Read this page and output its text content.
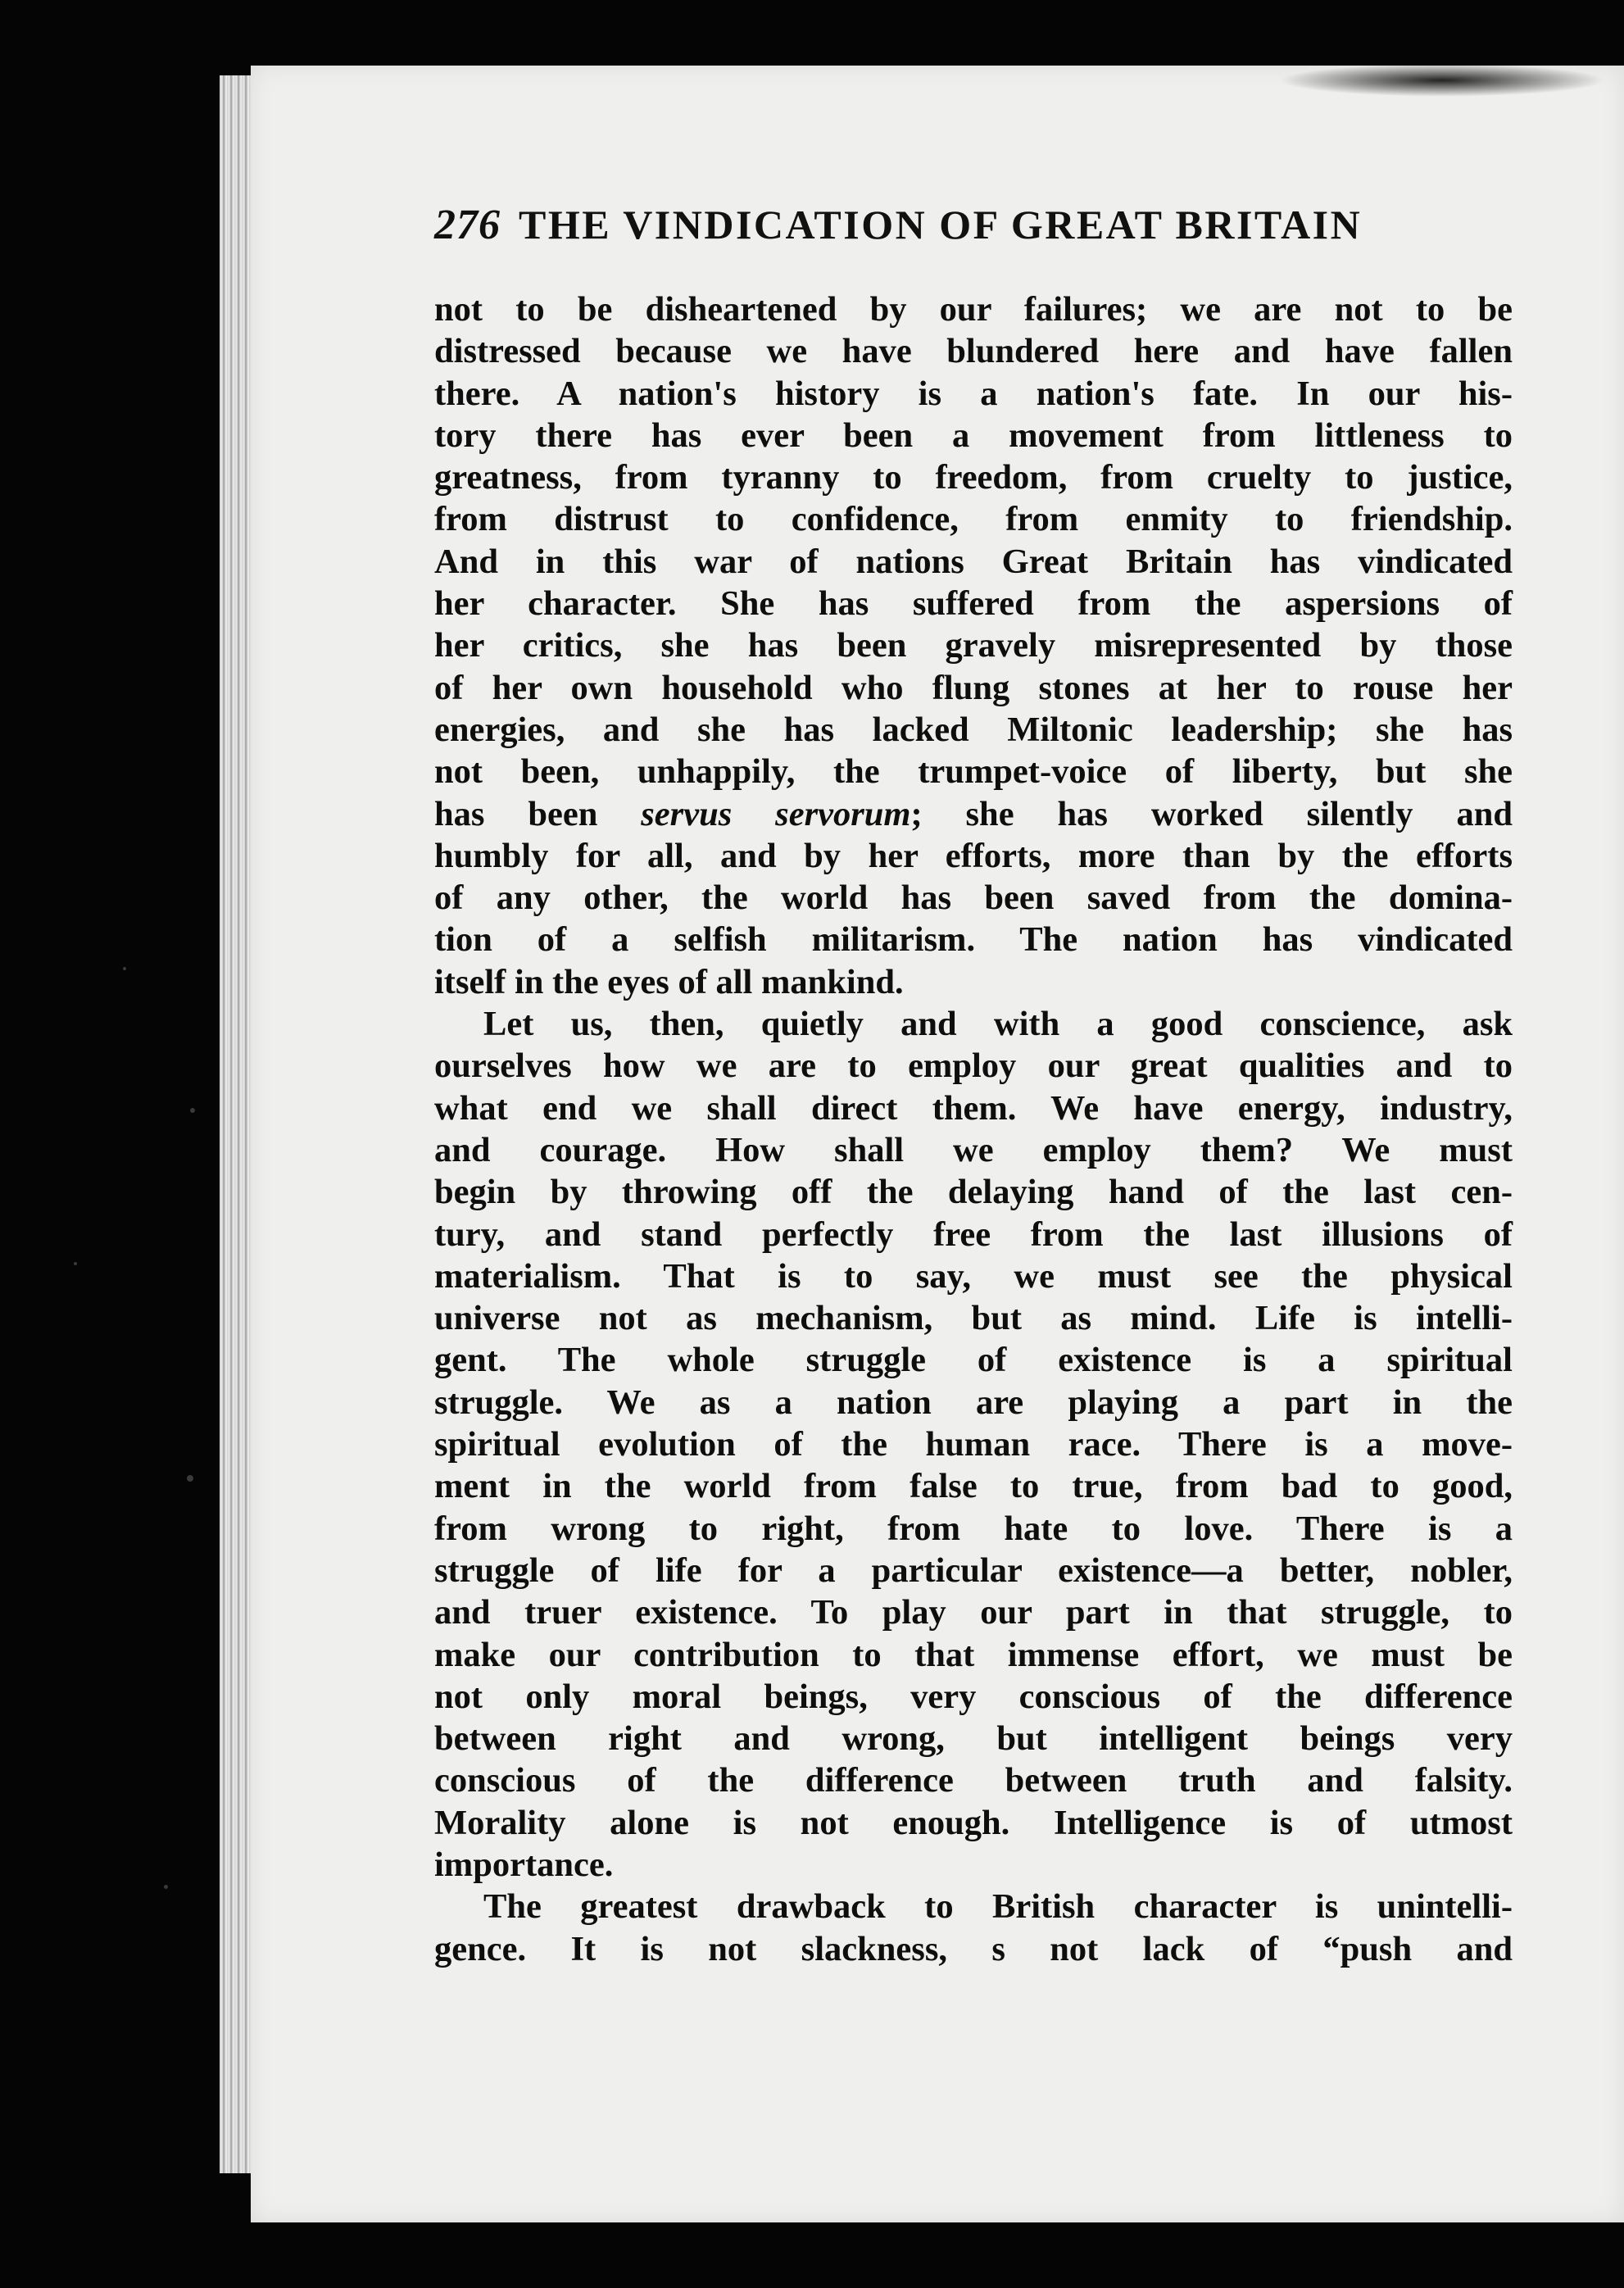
276 THE VINDICATION OF GREAT BRITAIN
not to be disheartened by our failures; we are not to be
distressed because we have blundered here and have fallen
there. A nation's history is a nation's fate. In our his-
tory there has ever been a movement from littleness to
greatness, from tyranny to freedom, from cruelty to justice,
from distrust to confidence, from enmity to friendship.
And in this war of nations Great Britain has vindicated
her character. She has suffered from the aspersions of
her critics, she has been gravely misrepresented by those
of her own household who flung stones at her to rouse her
energies, and she has lacked Miltonic leadership; she has
not been, unhappily, the trumpet-voice of liberty, but she
has been servus servorum; she has worked silently and
humbly for all, and by her efforts, more than by the efforts
of any other, the world has been saved from the domina-
tion of a selfish militarism. The nation has vindicated
itself in the eyes of all mankind.
Let us, then, quietly and with a good conscience, ask
ourselves how we are to employ our great qualities and to
what end we shall direct them. We have energy, industry,
and courage. How shall we employ them? We must
begin by throwing off the delaying hand of the last cen-
tury, and stand perfectly free from the last illusions of
materialism. That is to say, we must see the physical
universe not as mechanism, but as mind. Life is intelli-
gent. The whole struggle of existence is a spiritual
struggle. We as a nation are playing a part in the
spiritual evolution of the human race. There is a move-
ment in the world from false to true, from bad to good,
from wrong to right, from hate to love. There is a
struggle of life for a particular existence—a better, nobler,
and truer existence. To play our part in that struggle, to
make our contribution to that immense effort, we must be
not only moral beings, very conscious of the difference
between right and wrong, but intelligent beings very
conscious of the difference between truth and falsity.
Morality alone is not enough. Intelligence is of utmost
importance.
The greatest drawback to British character is unintelli-
gence. It is not slackness, s not lack of “push and
